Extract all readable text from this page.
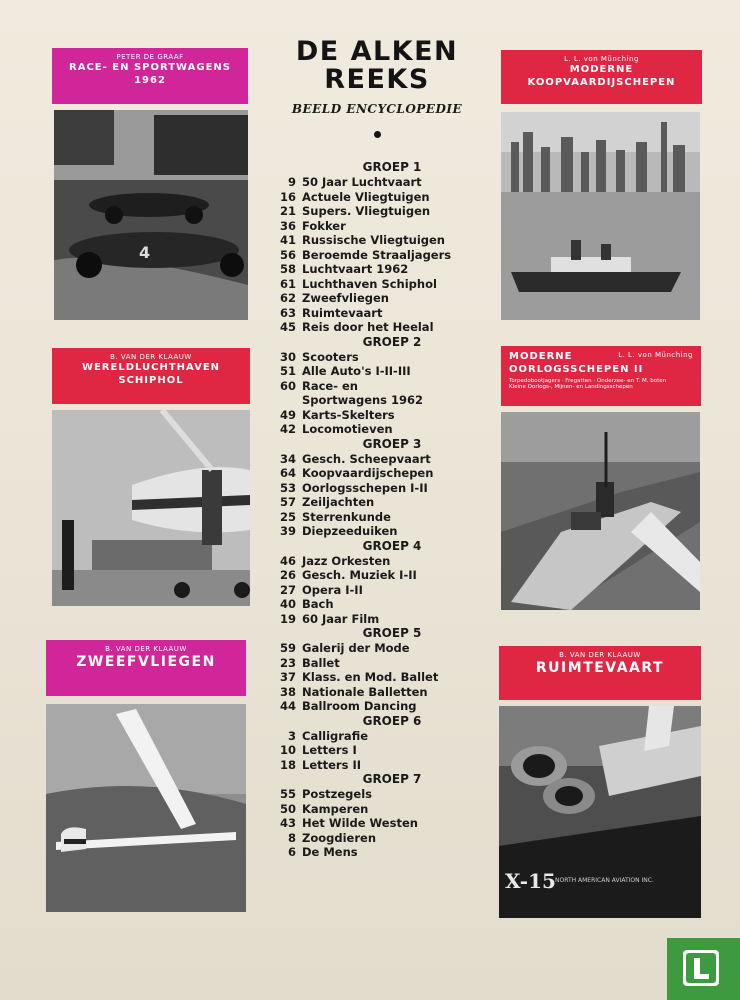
PETER DE GRAAF
RACE- EN SPORTWAGENS
1962
4
L. L. von Münching
MODERNE
KOOPVAARDIJSCHEPEN
B. VAN DER KLAAUW
WERELDLUCHTHAVEN
SCHIPHOL
L. L. von Münching
MODERNE
OORLOGSSCHEPEN II
Torpedobootjagers · Fregatten · Onderzee- en T. M. boten
Kleine Oorlogs-, Mijnen- en Landingsschepen
B. VAN DER KLAAUW
ZWEEFVLIEGEN	B. VAN DER KLAAUW
RUIMTEVAART
X-15 NORTH AMERICAN AVIATION INC.
DE ALKEN
REEKS
BEELD ENCYCLOPEDIE
GROEP 1
9 50 Jaar Luchtvaart
16 Actuele Vliegtuigen
21 Supers. Vliegtuigen
36 Fokker
41 Russische Vliegtuigen
56 Beroemde Straaljagers
58 Luchtvaart 1962
61 Luchthaven Schiphol
62 Zweefvliegen
63 Ruimtevaart
45 Reis door het Heelal
GROEP 2
30 Scooters
51 Alle Auto's I-II-III
60 Race- en
Sportwagens 1962
49 Karts-Skelters
42 Locomotieven
GROEP 3
34 Gesch. Scheepvaart
64 Koopvaardijschepen
53 Oorlogsschepen I-II
57 Zeiljachten
25 Sterrenkunde
39 Diepzeeduiken
GROEP 4
46 Jazz Orkesten
26 Gesch. Muziek I-II
27 Opera I-II
40 Bach
19 60 Jaar Film
GROEP 5
59 Galerij der Mode
23 Ballet
37 Klass. en Mod. Ballet
38 Nationale Balletten
44 Ballroom Dancing
GROEP 6
3 Calligrafie
10 Letters I
18 Letters II
GROEP 7
55 Postzegels
50 Kamperen
43 Het Wilde Westen
8 Zoogdieren
6 De Mens
